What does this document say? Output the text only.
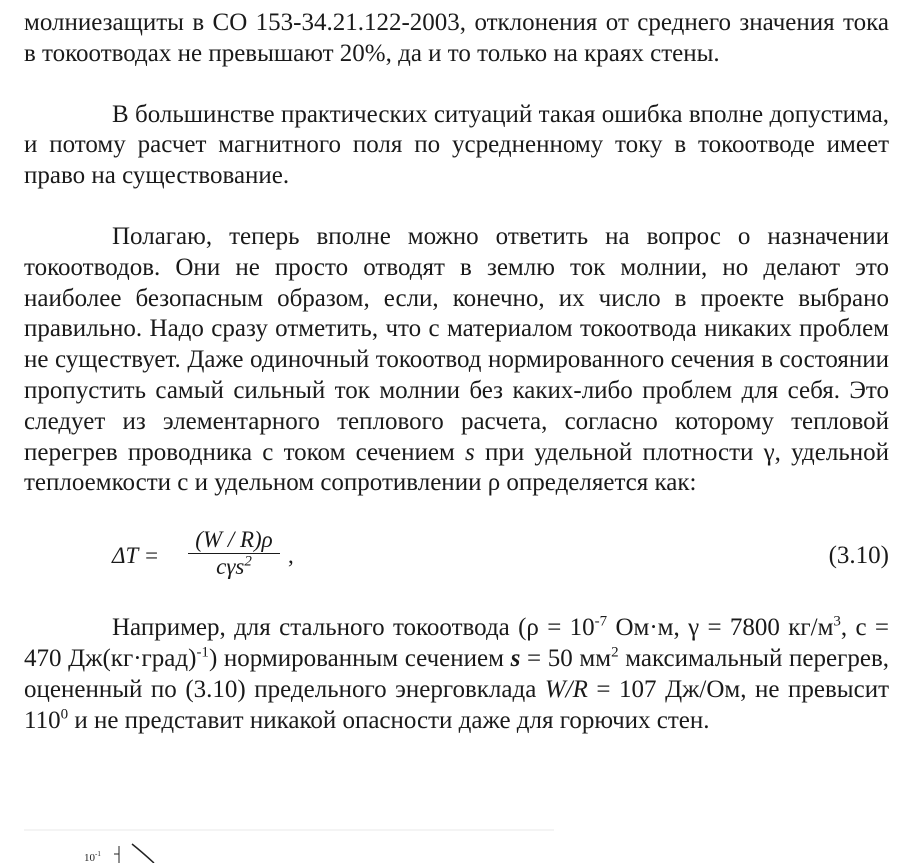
молниезащиты в СО 153-34.21.122-2003, отклонения от среднего значения тока в токоотводах не превышают 20%, да и то только на краях стены.

В большинстве практических ситуаций такая ошибка вполне допустима, и потому расчет магнитного поля по усредненному току в токоотводе имеет право на существование.

Полагаю, теперь вполне можно ответить на вопрос о назначении токоотводов. Они не просто отводят в землю ток молнии, но делают это наиболее безопасным образом, если, конечно, их число в проекте выбрано правильно. Надо сразу отметить, что с материалом токоотвода никаких проблем не существует. Даже одиночный токоотвод нормированного сечения в состоянии пропустить самый сильный ток молнии без каких-либо проблем для себя. Это следует из элементарного теплового расчета, согласно которому тепловой перегрев проводника с током сечением s при удельной плотности γ, удельной теплоемкости с и удельном сопротивлении ρ определяется как:

ΔT =
(W / R)ρ
cγs$^2$	,	(3.10)

Например, для стального токоотвода ($\rho = 10^{-7}$ Ом·м, γ = 7800 $кг/м^3$, с = 470 Дж(кг·град)$^{-1}$) нормированным сечением s = 50 $мм^2$ максимальный перегрев, оцененный по (3.10) предельного энерговклада W/R = 107 Дж/Ом, не превысит $110^0$ и не представит никакой опасности даже для горючих стен.

$10^{-1}$
